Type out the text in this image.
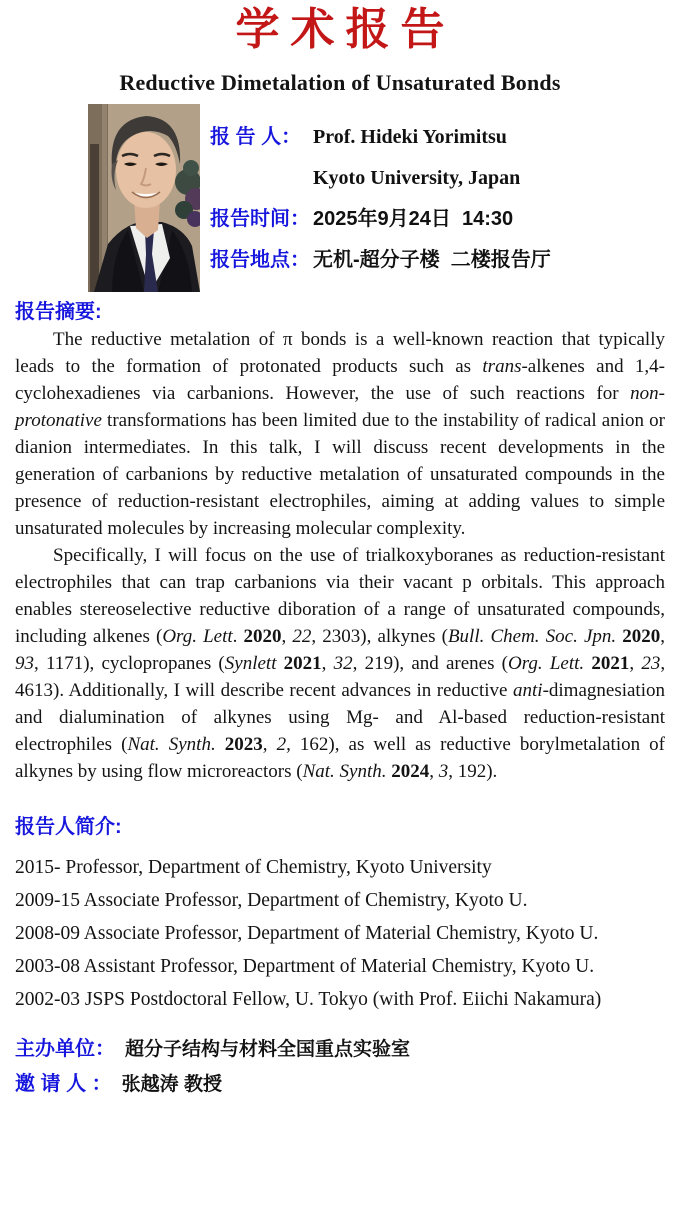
学术报告
Reductive Dimetalation of Unsaturated Bonds
报 告 人： Prof. Hideki Yorimitsu

Kyoto University, Japan
报告时间： 2025年9月24日  14:30
报告地点： 无机-超分子楼  二楼报告厅
报告摘要:

The reductive metalation of π bonds is a well-known reaction that typically leads to the formation of protonated products such as trans-alkenes and 1,4-cyclohexadienes via carbanions. However, the use of such reactions for non-protonative transformations has been limited due to the instability of radical anion or dianion intermediates. In this talk, I will discuss recent developments in the generation of carbanions by reductive metalation of unsaturated compounds in the presence of reduction-resistant electrophiles, aiming at adding values to simple unsaturated molecules by increasing molecular complexity.

Specifically, I will focus on the use of trialkoxyboranes as reduction-resistant electrophiles that can trap carbanions via their vacant p orbitals. This approach enables stereoselective reductive diboration of a range of unsaturated compounds, including alkenes (Org. Lett. 2020, 22, 2303), alkynes (Bull. Chem. Soc. Jpn. 2020, 93, 1171), cyclopropanes (Synlett 2021, 32, 219), and arenes (Org. Lett. 2021, 23, 4613). Additionally, I will describe recent advances in reductive anti-dimagnesiation and dialumination of alkynes using Mg- and Al-based reduction-resistant electrophiles (Nat. Synth. 2023, 2, 162), as well as reductive borylmetalation of alkynes by using flow microreactors (Nat. Synth. 2024, 3, 192).

报告人简介:
2015- Professor, Department of Chemistry, Kyoto University
2009-15 Associate Professor, Department of Chemistry, Kyoto U.
2008-09 Associate Professor, Department of Material Chemistry, Kyoto U.
2003-08 Assistant Professor, Department of Material Chemistry, Kyoto U.
2002-03 JSPS Postdoctoral Fellow, U. Tokyo (with Prof. Eiichi Nakamura)
主办单位： 超分子结构与材料全国重点实验室
邀 请 人 ： 张越涛 教授
